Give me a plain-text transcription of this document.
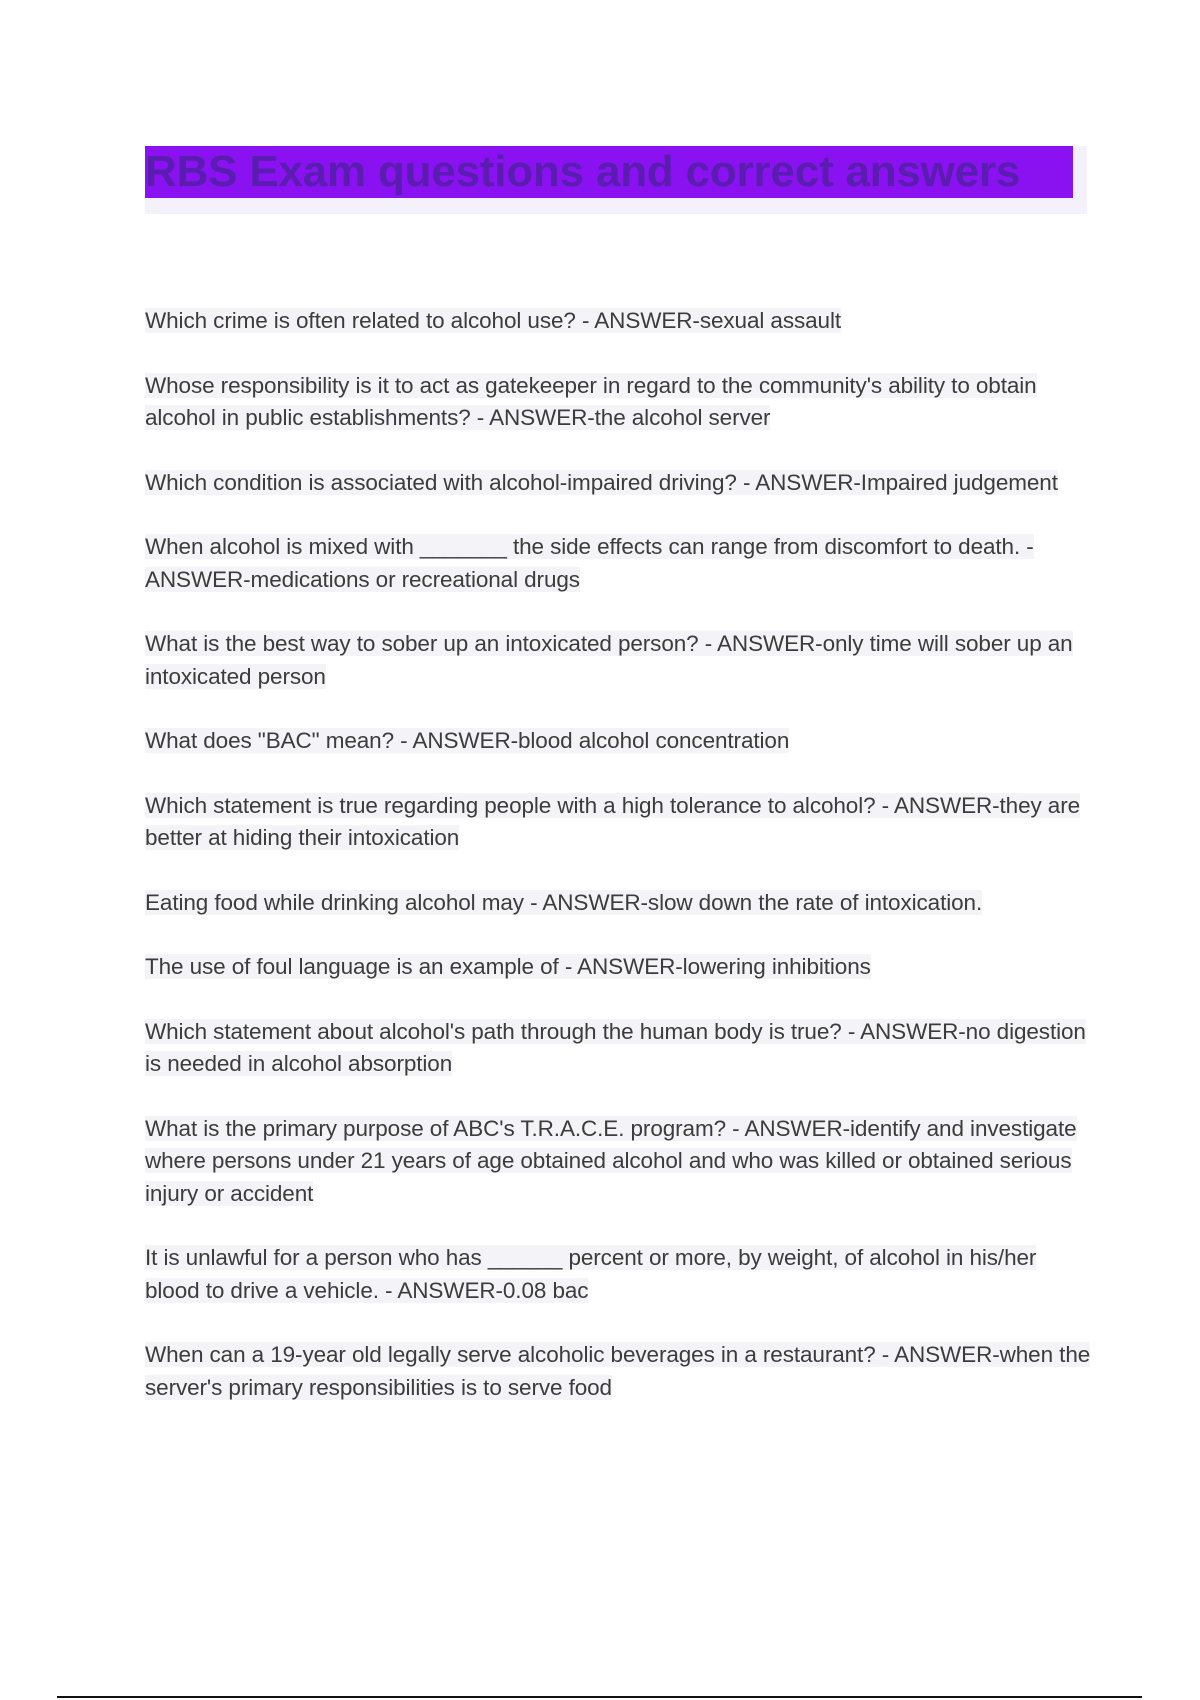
RBS Exam questions and correct answers
Which crime is often related to alcohol use? - ANSWER-sexual assault
Whose responsibility is it to act as gatekeeper in regard to the community's ability to obtain alcohol in public establishments? - ANSWER-the alcohol server
Which condition is associated with alcohol-impaired driving? - ANSWER-Impaired judgement
When alcohol is mixed with _______ the side effects can range from discomfort to death. - ANSWER-medications or recreational drugs
What is the best way to sober up an intoxicated person? - ANSWER-only time will sober up an intoxicated person
What does "BAC" mean? - ANSWER-blood alcohol concentration
Which statement is true regarding people with a high tolerance to alcohol? - ANSWER-they are better at hiding their intoxication
Eating food while drinking alcohol may - ANSWER-slow down the rate of intoxication.
The use of foul language is an example of - ANSWER-lowering inhibitions
Which statement about alcohol's path through the human body is true? - ANSWER-no digestion is needed in alcohol absorption
What is the primary purpose of ABC's T.R.A.C.E. program? - ANSWER-identify and investigate where persons under 21 years of age obtained alcohol and who was killed or obtained serious injury or accident
It is unlawful for a person who has ______ percent or more, by weight, of alcohol in his/her blood to drive a vehicle. - ANSWER-0.08 bac
When can a 19-year old legally serve alcoholic beverages in a restaurant? - ANSWER-when the server's primary responsibilities is to serve food
